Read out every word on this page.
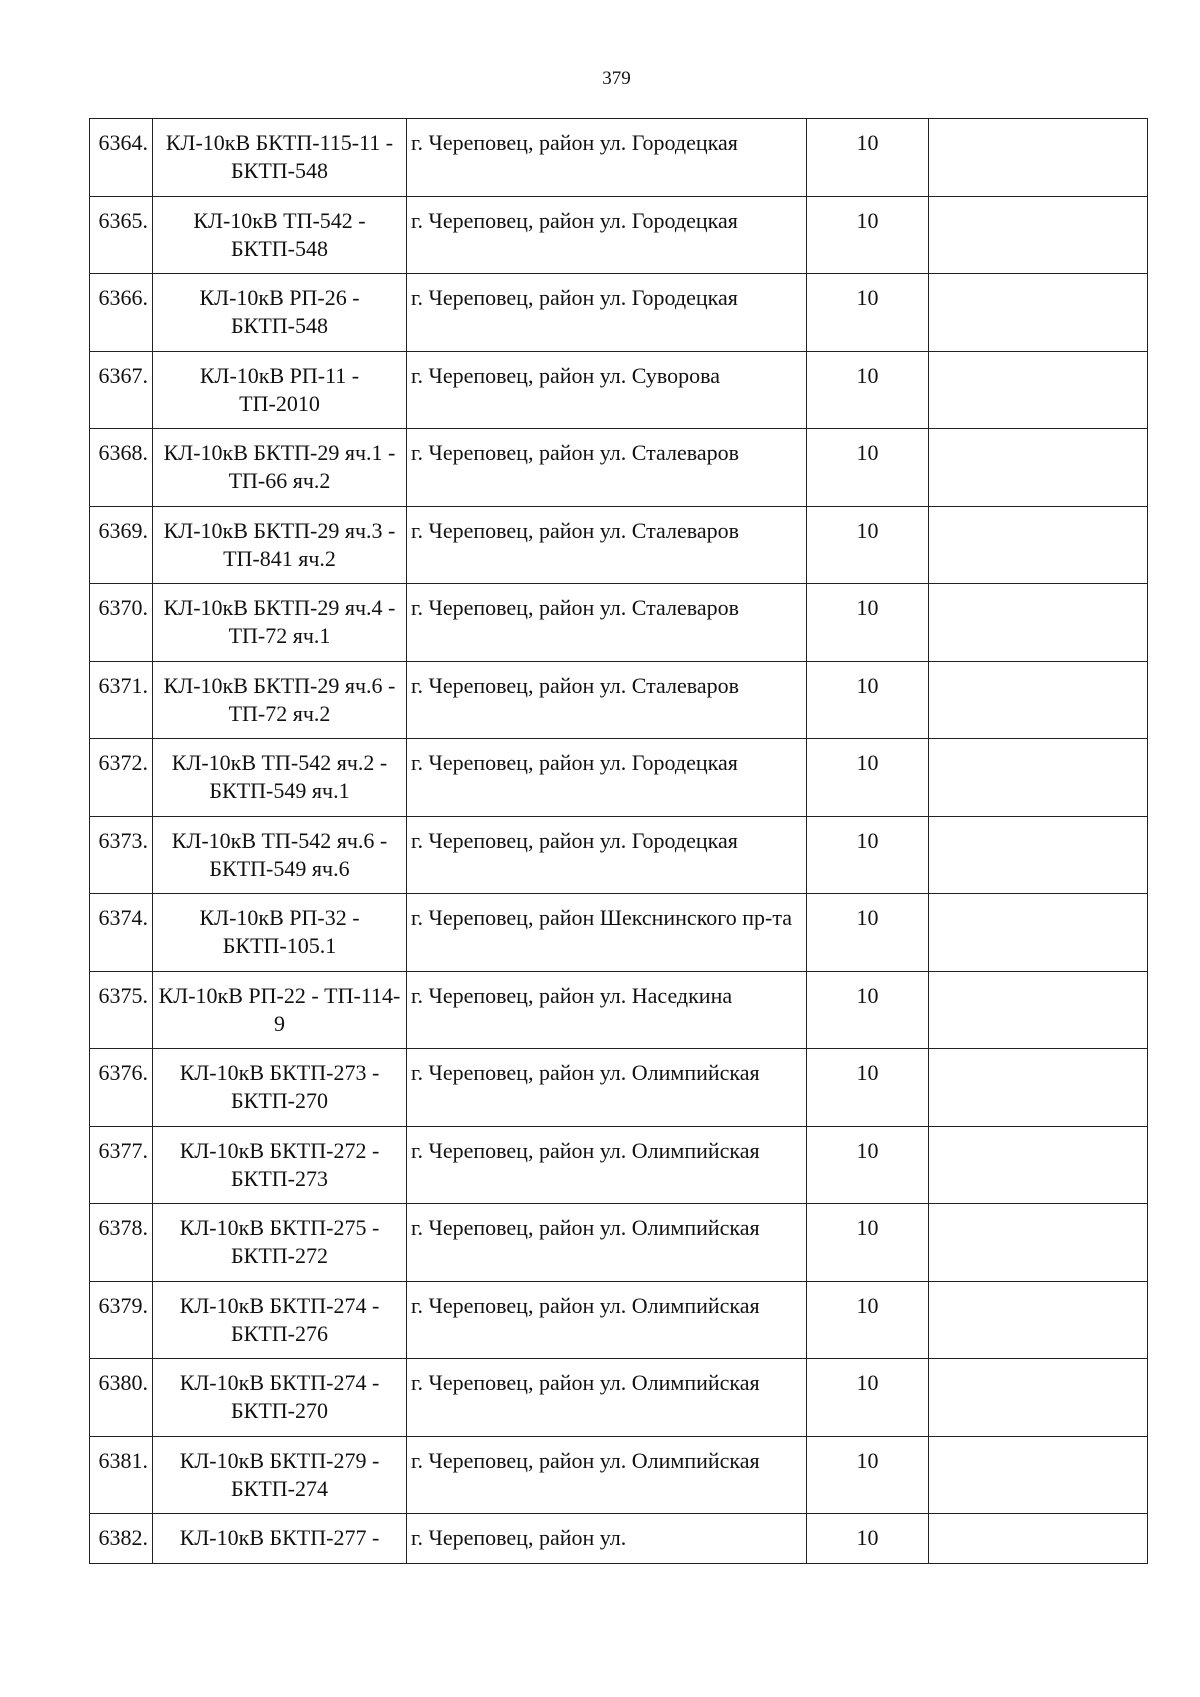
379
6364.	КЛ-10кВ БКТП-115-11 - БКТП-548	г. Череповец, район ул. Городецкая	10	
6365.	КЛ-10кВ ТП-542 - БКТП-548	г. Череповец, район ул. Городецкая	10	
6366.	КЛ-10кВ РП-26 - БКТП-548	г. Череповец, район ул. Городецкая	10	
6367.	КЛ-10кВ РП-11 - ТП-2010	г. Череповец, район ул. Суворова	10	
6368.	КЛ-10кВ БКТП-29 яч.1 - ТП-66 яч.2	г. Череповец, район ул. Сталеваров	10	
6369.	КЛ-10кВ БКТП-29 яч.3 - ТП-841 яч.2	г. Череповец, район ул. Сталеваров	10	
6370.	КЛ-10кВ БКТП-29 яч.4 - ТП-72 яч.1	г. Череповец, район ул. Сталеваров	10	
6371.	КЛ-10кВ БКТП-29 яч.6 - ТП-72 яч.2	г. Череповец, район ул. Сталеваров	10	
6372.	КЛ-10кВ ТП-542 яч.2 - БКТП-549 яч.1	г. Череповец, район ул. Городецкая	10	
6373.	КЛ-10кВ ТП-542 яч.6 - БКТП-549 яч.6	г. Череповец, район ул. Городецкая	10	
6374.	КЛ-10кВ РП-32 - БКТП-105.1	г. Череповец, район Шекснинского пр-та	10	
6375.	КЛ-10кВ РП-22 - ТП-114-9	г. Череповец, район ул. Наседкина	10	
6376.	КЛ-10кВ БКТП-273 - БКТП-270	г. Череповец, район ул. Олимпийская	10	
6377.	КЛ-10кВ БКТП-272 - БКТП-273	г. Череповец, район ул. Олимпийская	10	
6378.	КЛ-10кВ БКТП-275 - БКТП-272	г. Череповец, район ул. Олимпийская	10	
6379.	КЛ-10кВ БКТП-274 - БКТП-276	г. Череповец, район ул. Олимпийская	10	
6380.	КЛ-10кВ БКТП-274 - БКТП-270	г. Череповец, район ул. Олимпийская	10	
6381.	КЛ-10кВ БКТП-279 - БКТП-274	г. Череповец, район ул. Олимпийская	10	
6382.	КЛ-10кВ БКТП-277 -	г. Череповец, район ул.	10	
